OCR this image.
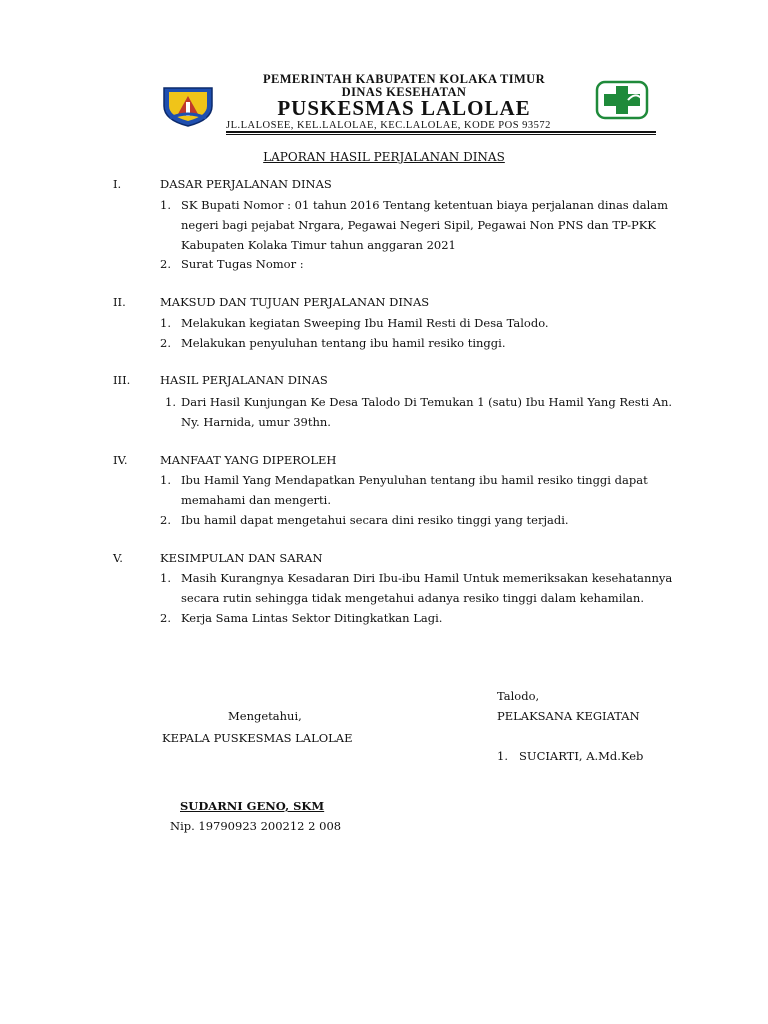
PEMERINTAH KABUPATEN KOLAKA TIMUR
DINAS KESEHATAN
PUSKESMAS LALOLAE
JL.LALOSEE, KEL.LALOLAE, KEC.LALOLAE, KODE POS 93572
LAPORAN HASIL PERJALANAN DINAS
I.	DASAR PERJALANAN DINAS
1. SK Bupati Nomor : 01 tahun 2016 Tentang ketentuan biaya perjalanan dinas dalam
negeri bagi pejabat Nrgara, Pegawai Negeri Sipil, Pegawai Non PNS dan TP-PKK
Kabupaten Kolaka Timur tahun anggaran 2021
2. Surat Tugas Nomor :
II.	MAKSUD DAN TUJUAN PERJALANAN DINAS
1. Melakukan kegiatan Sweeping Ibu Hamil Resti di Desa Talodo.
2. Melakukan penyuluhan tentang ibu hamil resiko tinggi.
III.	HASIL PERJALANAN DINAS
1. Dari Hasil Kunjungan Ke Desa Talodo Di Temukan 1 (satu) Ibu Hamil Yang Resti An.
Ny. Harnida, umur 39thn.
IV.	MANFAAT YANG DIPEROLEH
1. Ibu Hamil Yang Mendapatkan Penyuluhan tentang ibu hamil resiko tinggi dapat
memahami dan mengerti.
2. Ibu hamil dapat mengetahui secara dini resiko tinggi yang terjadi.
V.	KESIMPULAN DAN SARAN
1. Masih Kurangnya Kesadaran Diri Ibu-ibu Hamil Untuk memeriksakan kesehatannya
secara rutin sehingga tidak mengetahui adanya resiko tinggi dalam kehamilan.
2. Kerja Sama Lintas Sektor Ditingkatkan Lagi.
Talodo,
PELAKSANA KEGIATAN
1. SUCIARTI, A.Md.Keb
Mengetahui,
KEPALA PUSKESMAS LALOLAE
SUDARNI GENO, SKM
Nip. 19790923 200212 2 008
